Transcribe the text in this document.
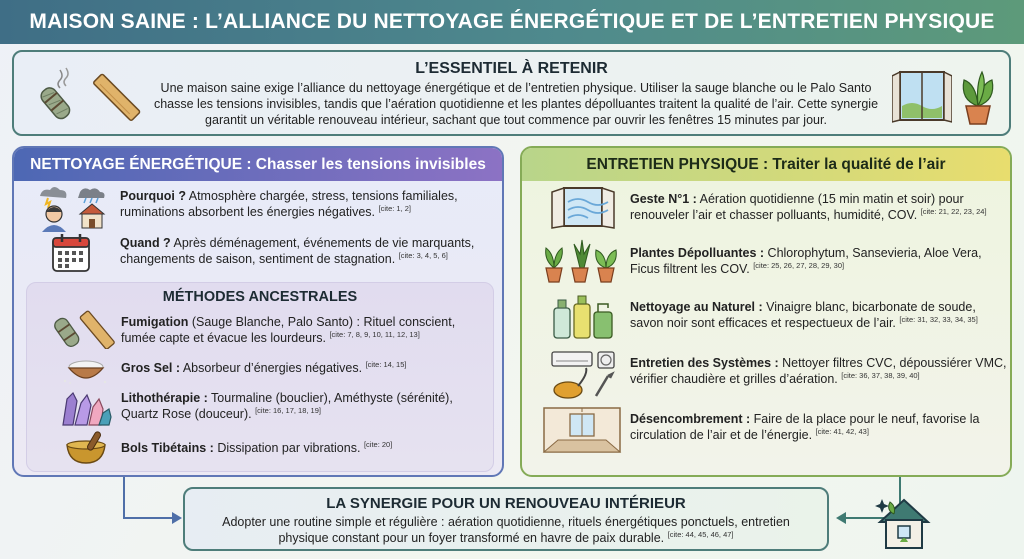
MAISON SAINE : L’ALLIANCE DU NETTOYAGE ÉNERGÉTIQUE ET DE L’ENTRETIEN PHYSIQUE
L’ESSENTIEL À RETENIR

Une maison saine exige l’alliance du nettoyage énergétique et de l’entretien physique. Utiliser la sauge blanche ou le Palo Santo chasse les tensions invisibles, tandis que l’aération quotidienne et les plantes dépolluantes traitent la qualité de l’air. Cette synergie garantit un véritable renouveau intérieur, sachant que tout commence par ouvrir les fenêtres 15 minutes par jour.

NETTOYAGE ÉNERGÉTIQUE : Chasser les tensions invisibles
Pourquoi ? Atmosphère chargée, stress, tensions familiales, ruminations absorbent les énergies négatives. [cite: 1, 2]
Quand ? Après déménagement, événements de vie marquants, changements de saison, sentiment de stagnation. [cite: 3, 4, 5, 6]
MÉTHODES ANCESTRALES
Fumigation (Sauge Blanche, Palo Santo) : Rituel conscient, fumée capte et évacue les lourdeurs. [cite: 7, 8, 9, 10, 11, 12, 13]
Gros Sel : Absorbeur d’énergies négatives. [cite: 14, 15]
Lithothérapie : Tourmaline (bouclier), Améthyste (sérénité), Quartz Rose (douceur). [cite: 16, 17, 18, 19]
Bols Tibétains : Dissipation par vibrations. [cite: 20]
ENTRETIEN PHYSIQUE : Traiter la qualité de l’air
Geste N°1 : Aération quotidienne (15 min matin et soir) pour renouveler l’air et chasser polluants, humidité, COV. [cite: 21, 22, 23, 24]
Plantes Dépolluantes : Chlorophytum, Sansevieria, Aloe Vera, Ficus filtrent les COV. [cite: 25, 26, 27, 28, 29, 30]
Nettoyage au Naturel : Vinaigre blanc, bicarbonate de soude, savon noir sont efficaces et respectueux de l’air. [cite: 31, 32, 33, 34, 35]
Entretien des Systèmes : Nettoyer filtres CVC, dépoussiérer VMC, vérifier chaudière et grilles d’aération. [cite: 36, 37, 38, 39, 40]
Désencombrement : Faire de la place pour le neuf, favorise la circulation de l’air et de l’énergie. [cite: 41, 42, 43]
LA SYNERGIE POUR UN RENOUVEAU INTÉRIEUR

Adopter une routine simple et régulière : aération quotidienne, rituels énergétiques ponctuels, entretien physique constant pour un foyer transformé en havre de paix durable. [cite: 44, 45, 46, 47]
